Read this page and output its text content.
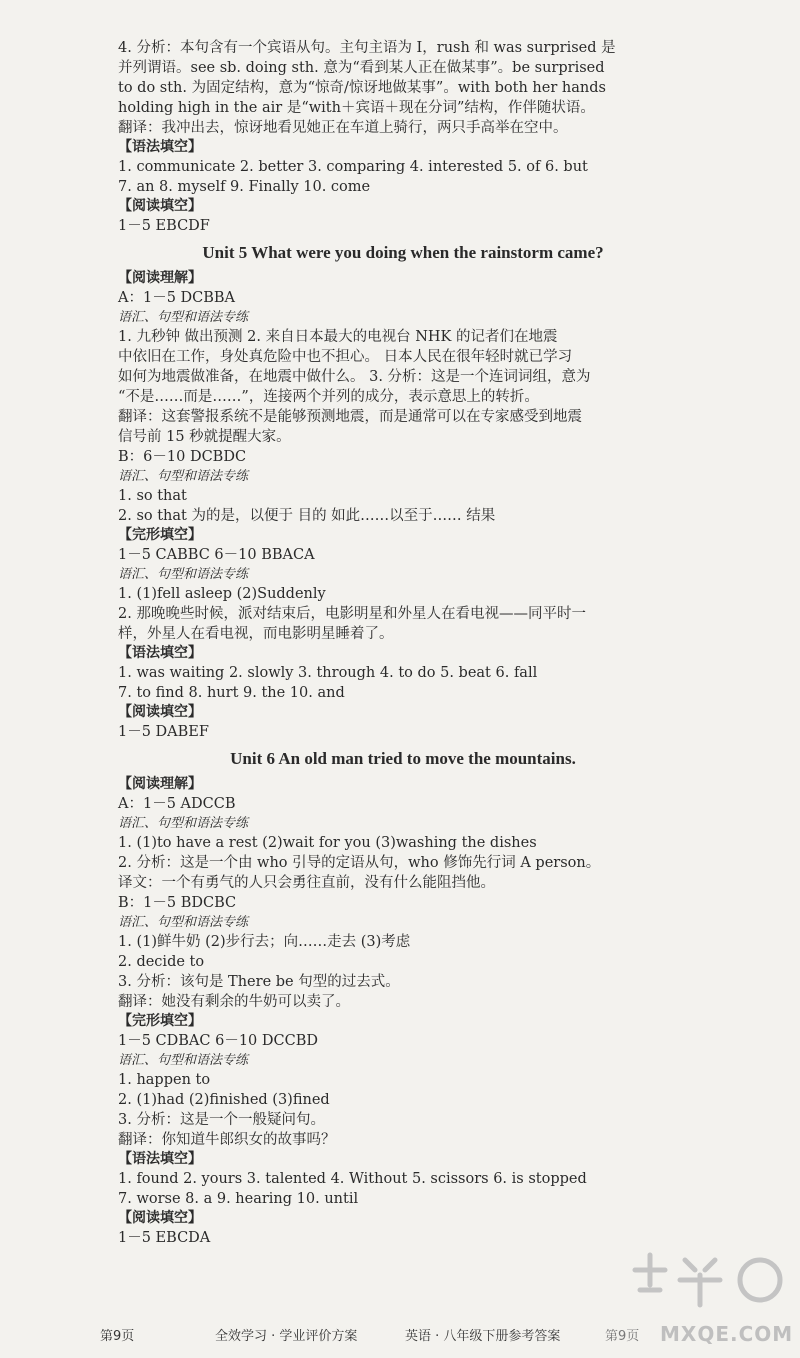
4. 分析：本句含有一个宾语从句。主句主语为 I，rush 和 was surprised 是
并列谓语。see sb. doing sth. 意为“看到某人正在做某事”。be surprised
to do sth. 为固定结构，意为“惊奇/惊讶地做某事”。with both her hands
holding high in the air 是“with＋宾语＋现在分词”结构，作伴随状语。
翻译：我冲出去，惊讶地看见她正在车道上骑行，两只手高举在空中。
【语法填空】
1. communicate 2. better 3. comparing 4. interested 5. of 6. but
7. an 8. myself 9. Finally 10. come
【阅读填空】
1－5 EBCDF
Unit 5 What were you doing when the rainstorm came?
【阅读理解】
A：1－5 DCBBA
语汇、句型和语法专练
1. 九秒钟 做出预测 2. 来自日本最大的电视台 NHK 的记者们在地震
中依旧在工作，身处真危险中也不担心。 日本人民在很年轻时就已学习
如何为地震做准备，在地震中做什么。 3. 分析：这是一个连词词组，意为
“不是……而是……”，连接两个并列的成分，表示意思上的转折。
翻译：这套警报系统不是能够预测地震，而是通常可以在专家感受到地震
信号前 15 秒就提醒大家。
B：6－10 DCBDC
语汇、句型和语法专练
1. so that
2. so that 为的是，以便于 目的 如此……以至于…… 结果
【完形填空】
1－5 CABBC 6－10 BBACA
语汇、句型和语法专练
1. (1)fell asleep (2)Suddenly
2. 那晚晚些时候，派对结束后，电影明星和外星人在看电视——同平时一
样，外星人在看电视，而电影明星睡着了。
【语法填空】
1. was waiting 2. slowly 3. through 4. to do 5. beat 6. fall
7. to find 8. hurt 9. the 10. and
【阅读填空】
1－5 DABEF
Unit 6 An old man tried to move the mountains.
【阅读理解】
A：1－5 ADCCB
语汇、句型和语法专练
1. (1)to have a rest (2)wait for you (3)washing the dishes
2. 分析：这是一个由 who 引导的定语从句，who 修饰先行词 A person。
译文：一个有勇气的人只会勇往直前，没有什么能阻挡他。
B：1－5 BDCBC
语汇、句型和语法专练
1. (1)鲜牛奶 (2)步行去；向……走去 (3)考虑
2. decide to
3. 分析：该句是 There be 句型的过去式。
翻译：她没有剩余的牛奶可以卖了。
【完形填空】
1－5 CDBAC 6－10 DCCBD
语汇、句型和语法专练
1. happen to
2. (1)had (2)finished (3)fined
3. 分析：这是一个一般疑问句。
翻译：你知道牛郎织女的故事吗？
【语法填空】
1. found 2. yours 3. talented 4. Without 5. scissors 6. is stopped
7. worse 8. a 9. hearing 10. until
【阅读填空】
1－5 EBCDA
MXQE.COM
第9页	全效学习 · 学业评价方案	英语 · 八年级下册参考答案	第9页
